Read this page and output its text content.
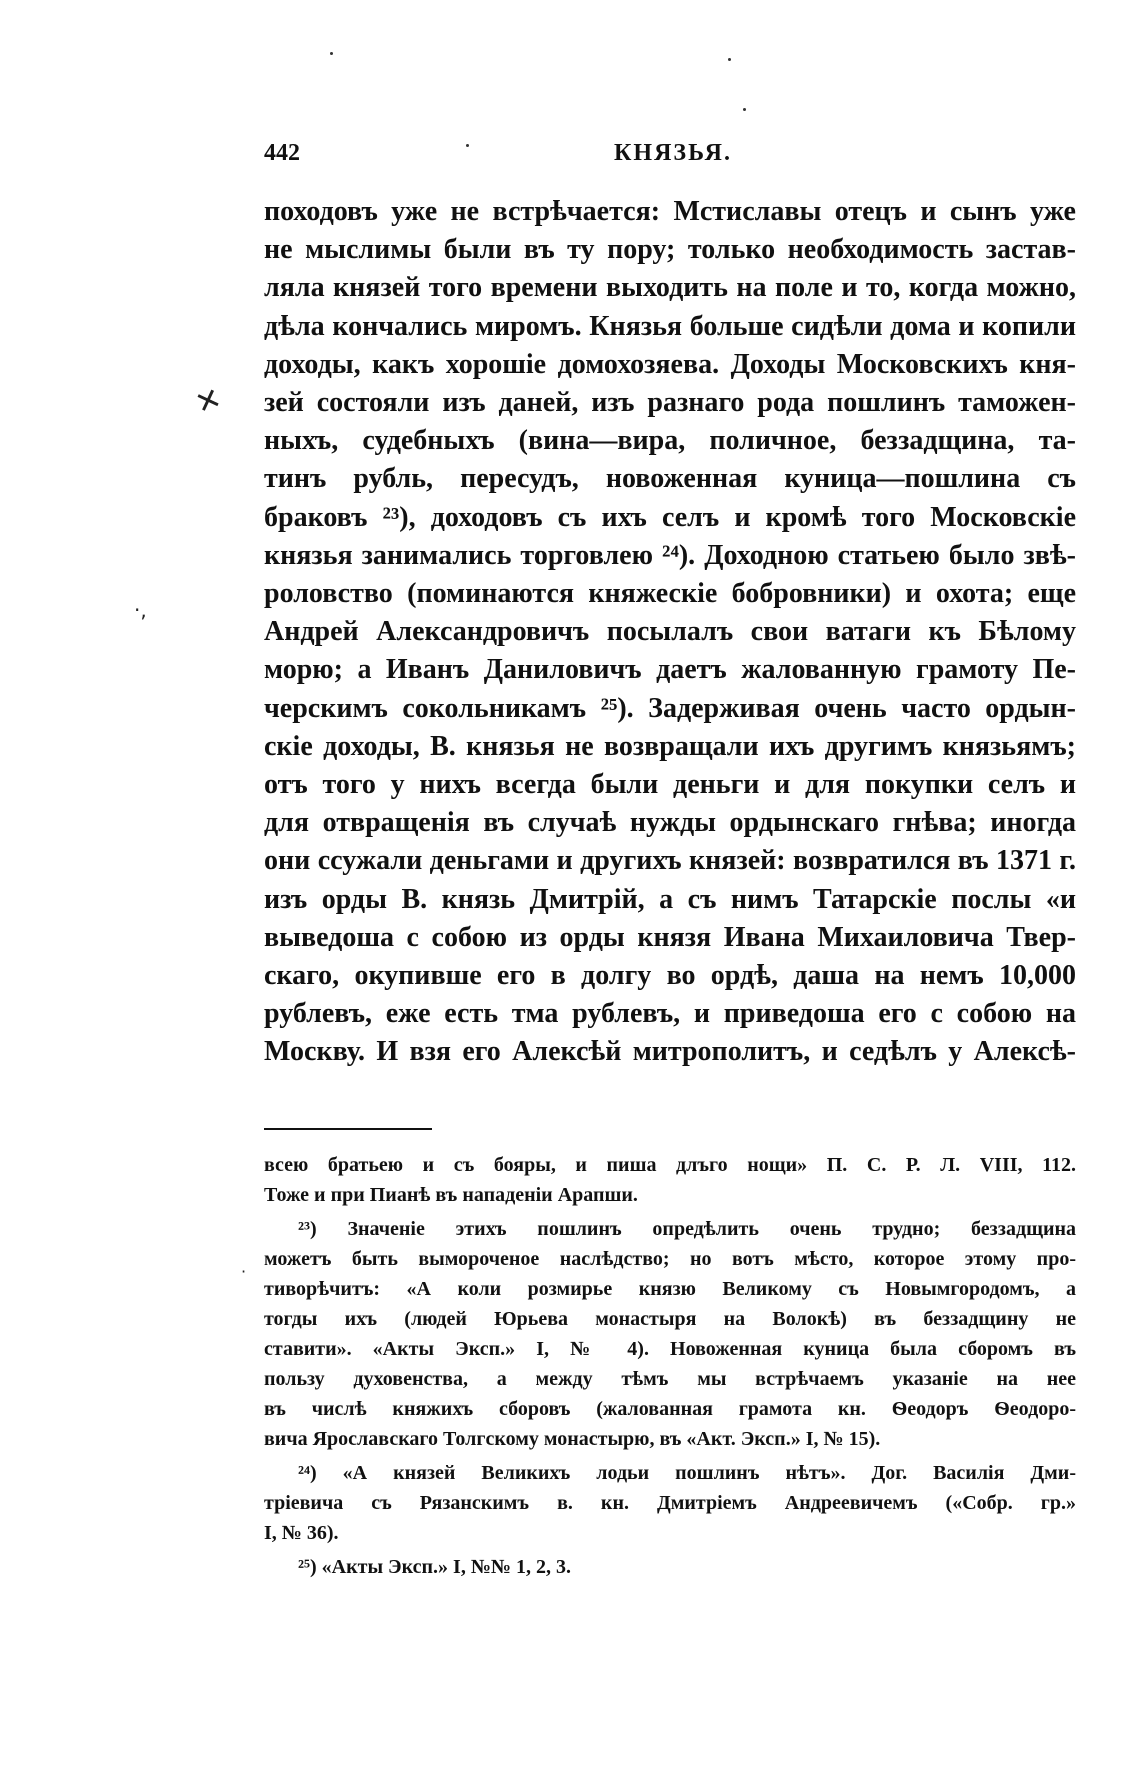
442	КНЯЗЬЯ.
походовъ уже не встрѣчается: Мстиславы отецъ и сынъ уже
не мыслимы были въ ту пору; только необходимость застав-
ляла князей того времени выходить на поле и то, когда можно,
дѣла кончались миромъ. Князья больше сидѣли дома и копили
доходы, какъ хорошіе домохозяева. Доходы Московскихъ кня-
зей состояли изъ даней, изъ разнаго рода пошлинъ таможен-
ныхъ, судебныхъ (вина—вира, поличное, беззадщина, та-
тинъ рубль, пересудъ, новоженная куница—пошлина съ
браковъ ²³), доходовъ съ ихъ селъ и кромѣ того Московскіе
князья занимались торговлею ²⁴). Доходною статьею было звѣ-
роловство (поминаются княжескіе бобровники) и охота; еще
Андрей Александровичъ посылалъ свои ватаги къ Бѣлому
морю; а Иванъ Даниловичъ даетъ жалованную грамоту Пе-
черскимъ сокольникамъ ²⁵). Задерживая очень часто ордын-
скіе доходы, В. князья не возвращали ихъ другимъ князьямъ;
отъ того у нихъ всегда были деньги и для покупки селъ и
для отвращенія въ случаѣ нужды ордынскаго гнѣва; иногда
они ссужали деньгами и другихъ князей: возвратился въ 1371 г.
изъ орды В. князь Дмитрій, а съ нимъ Татарскіе послы «и
выведоша с собою из орды князя Ивана Михаиловича Твер-
скаго, окупивше его в долгу во ордѣ, даша на немъ 10,000
рублевъ, еже есть тма рублевъ, и приведоша его с собою на
Москву. И взя его Алексѣй митрополитъ, и седѣлъ у Алексѣ-
всею братьею и съ бояры, и пиша длъго нощи» П. С. Р. Л. VIII, 112.
Тоже и при Пианѣ въ нападеніи Арапши.
²³) Значеніе этихъ пошлинъ опредѣлить очень трудно; беззадщина
можетъ быть вымороченое наслѣдство; но вотъ мѣсто, которое этому про-
тиворѣчитъ: «А коли розмирье князю Великому съ Новымгородомъ, а
тогды ихъ (людей Юрьева монастыря на Волокѣ) въ беззадщину не
ставити». «Акты Эксп.» I, № 4). Новоженная куница была сборомъ въ
пользу духовенства, а между тѣмъ мы встрѣчаемъ указаніе на нее
въ числѣ княжихъ сборовъ (жалованная грамота кн. Ѳеодоръ Ѳеодоро-
вича Ярославскаго Толгскому монастырю, въ «Акт. Эксп.» I, № 15).
²⁴) «А князей Великихъ лодьи пошлинъ нѣтъ». Дог. Василія Дми-
тріевича съ Рязанскимъ в. кн. Дмитріемъ Андреевичемъ («Собр. гр.»
I, № 36).
²⁵) «Акты Эксп.» I, №№ 1, 2, 3.
✕
·,
·
